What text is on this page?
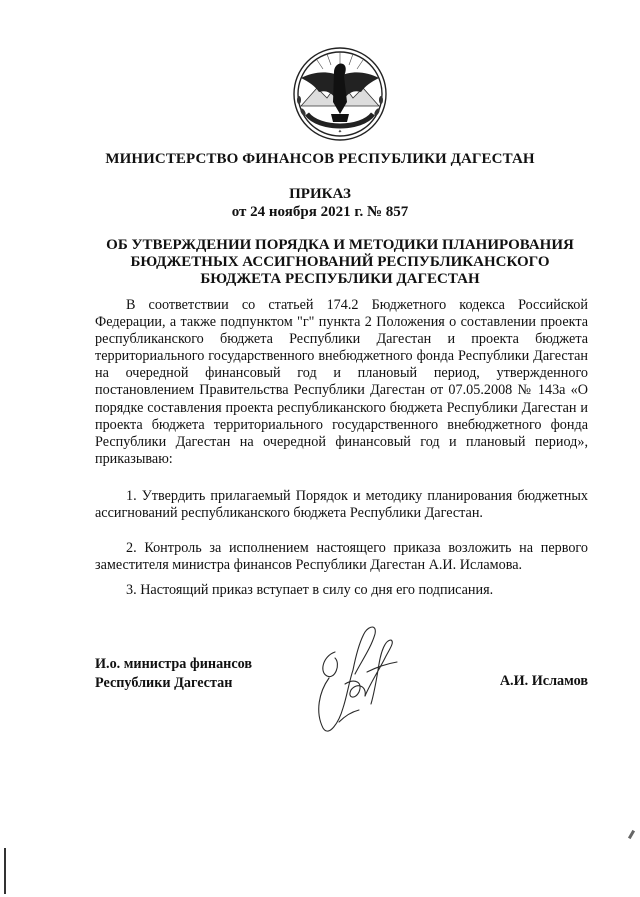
✦
МИНИСТЕРСТВО ФИНАНСОВ РЕСПУБЛИКИ ДАГЕСТАН
ПРИКАЗ
от 24 ноября 2021 г. № 857
ОБ УТВЕРЖДЕНИИ ПОРЯДКА И МЕТОДИКИ ПЛАНИРОВАНИЯ БЮДЖЕТНЫХ АССИГНОВАНИЙ РЕСПУБЛИКАНСКОГО БЮДЖЕТА РЕСПУБЛИКИ ДАГЕСТАН

В соответствии со статьей 174.2 Бюджетного кодекса Российской Федерации, а также подпунктом "г" пункта 2 Положения о составлении проекта республиканского бюджета Республики Дагестан и проекта бюджета территориального государственного внебюджетного фонда Республики Дагестан на очередной финансовый год и плановый период, утвержденного постановлением Правительства Республики Дагестан от 07.05.2008 № 143а «О порядке составления проекта республиканского бюджета Республики Дагестан и проекта бюджета территориального государственного внебюджетного фонда Республики Дагестан на очередной финансовый год и плановый период», приказываю:

1. Утвердить прилагаемый Порядок и методику планирования бюджетных ассигнований республиканского бюджета Республики Дагестан.

2. Контроль за исполнением настоящего приказа возложить на первого заместителя министра финансов Республики Дагестан А.И. Исламова.

3. Настоящий приказ вступает в силу со дня его подписания.

И.о. министра финансов
Республики Дагестан	А.И. Исламов
